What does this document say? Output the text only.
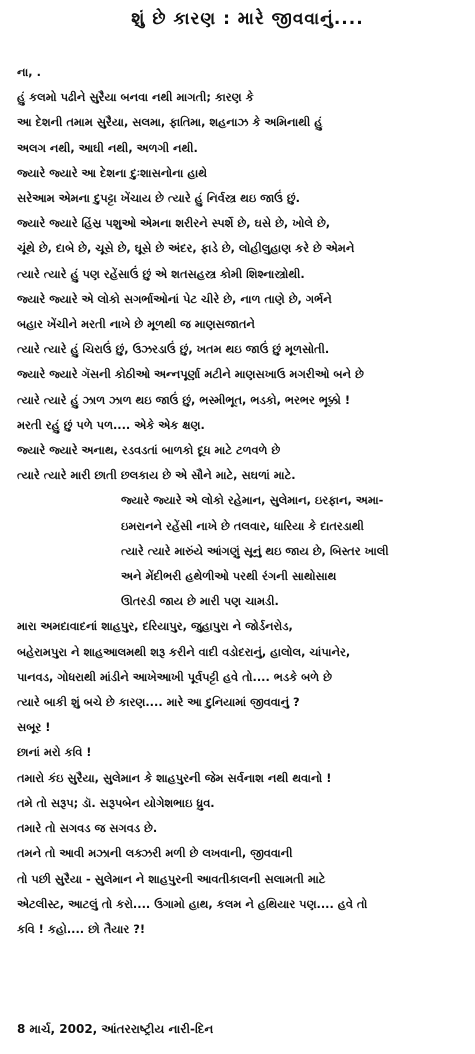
શું છે કારણ : મારે જીવવાનું....
ના, .
હું કલમો પઢીને સુરૈયા બનવા નથી માગતી; કારણ કે
આ દેશની તમામ સુરૈયા, સલમા, ફાતિમા, શહનાઝ કે અમિનાથી હું
અલગ નથી, આઘી નથી, અળગી નથી.
જ્યારે જ્યારે આ દેશના દુઃશાસનોના હાથે
સરેઆમ એમના દુપટ્ટા ખેંચાય છે ત્યારે હું નિર્વસ્ત્ર થઇ જાઉં છું.
જ્યારે જ્યારે હિંસ્ર પશુઓ એમના શરીરને સ્પર્શે છે, ઘસે છે, ખોલે છે,
ચૂંથે છે, દાબે છે, ચૂસે છે, ઘૂસે છે અંદર, ફાડે છે, લોહીલુહાણ કરે છે એમને
ત્યારે ત્યારે હું પણ રહેંસાઉં છું એ શતસહસ્ત્ર કોમી શિશ્નાસ્ત્રોથી.
જ્યારે જ્યારે એ લોકો સગર્ભાઓનાં પેટ ચીરે છે, નાળ તાણે છે, ગર્ભને
બહાર ખેંચીને મરતી નાખે છે મૂળથી જ માણસજાતને
ત્યારે ત્યારે હું ચિરાઉં છું, ઉઝરડાઉં છું, ખતમ થઇ જાઉં છું મૂળસોતી.
જ્યારે જ્યારે ગૅસની કોઠીઓ અન્નપૂર્ણા મટીને માણસખાઉ મગરીઓ બને છે
ત્યારે ત્યારે હું ઝાળ ઝાળ થઇ જાઉં છું, ભસ્મીભૂત, ભડકો, ભરભર ભૂક્કો !
મરતી રહું છું પળે પળ.... એકે એક ક્ષણ.
જ્યારે જ્યારે અનાથ, રડવડતાં બાળકો દૂધ માટે ટળવળે છે
ત્યારે ત્યારે મારી છાતી છલકાય છે એ સૌને માટે, સઘળાં માટે.
જ્યારે જ્યારે એ લોકો રહેમાન, સુલેમાન, ઇરફાન, અમા-
ઇમરાનને રહેંસી નાખે છે તલવાર, ધારિયા કે દાતરડાથી
ત્યારે ત્યારે મારુંયે આંગણું સૂનું થઇ જાય છે, બિસ્તર ખાલી
અને મેંદીભરી હથેળીઓ પરથી રંગની સાથોસાથ
ઊતરડી જાય છે મારી પણ ચામડી.
મારા અમદાવાદનાં શાહપુર, દરિયાપુર, જુહાપુરા ને જોર્ડનરોડ,
બહેરામપુરા ને શાહઆલમથી શરૂ કરીને વાદી વડોદરાનું, હાલોલ, ચાંપાનેર,
પાનવડ, ગોધરાથી માંડીને આખેઆખી પૂર્વપટ્ટી હવે તો.... ભડકે બળે છે
ત્યારે બાકી શું બચે છે કારણ.... મારે આ દુનિયામાં જીવવાનું ?
સબૂર !
છાનાં મરો કવિ !
તમારો કંઇ સુરૈયા, સુલેમાન કે શાહપુરની જેમ સર્વનાશ નથી થવાનો !
તમે તો સરૂપ; ડૉ. સરૂપબેન યોગેશભાઇ ધ્રુવ.
તમારે તો સગવડ જ સગવડ છે.
તમને તો આવી મઝાની લક્ઝરી મળી છે લખવાની, જીવવાની
તો પછી સુરૈયા - સુલેમાન ને શાહપુરની આવતીકાલની સલામતી માટે
એટલીસ્ટ, આટલું તો કરો.... ઉગામો હાથ, કલમ ને હથિયાર પણ.... હવે તો
કવિ ! કહો.... છો તૈયાર ?!
8 માર્ચ, 2002, આંતરરાષ્ટ્રીય નારી-દિન
